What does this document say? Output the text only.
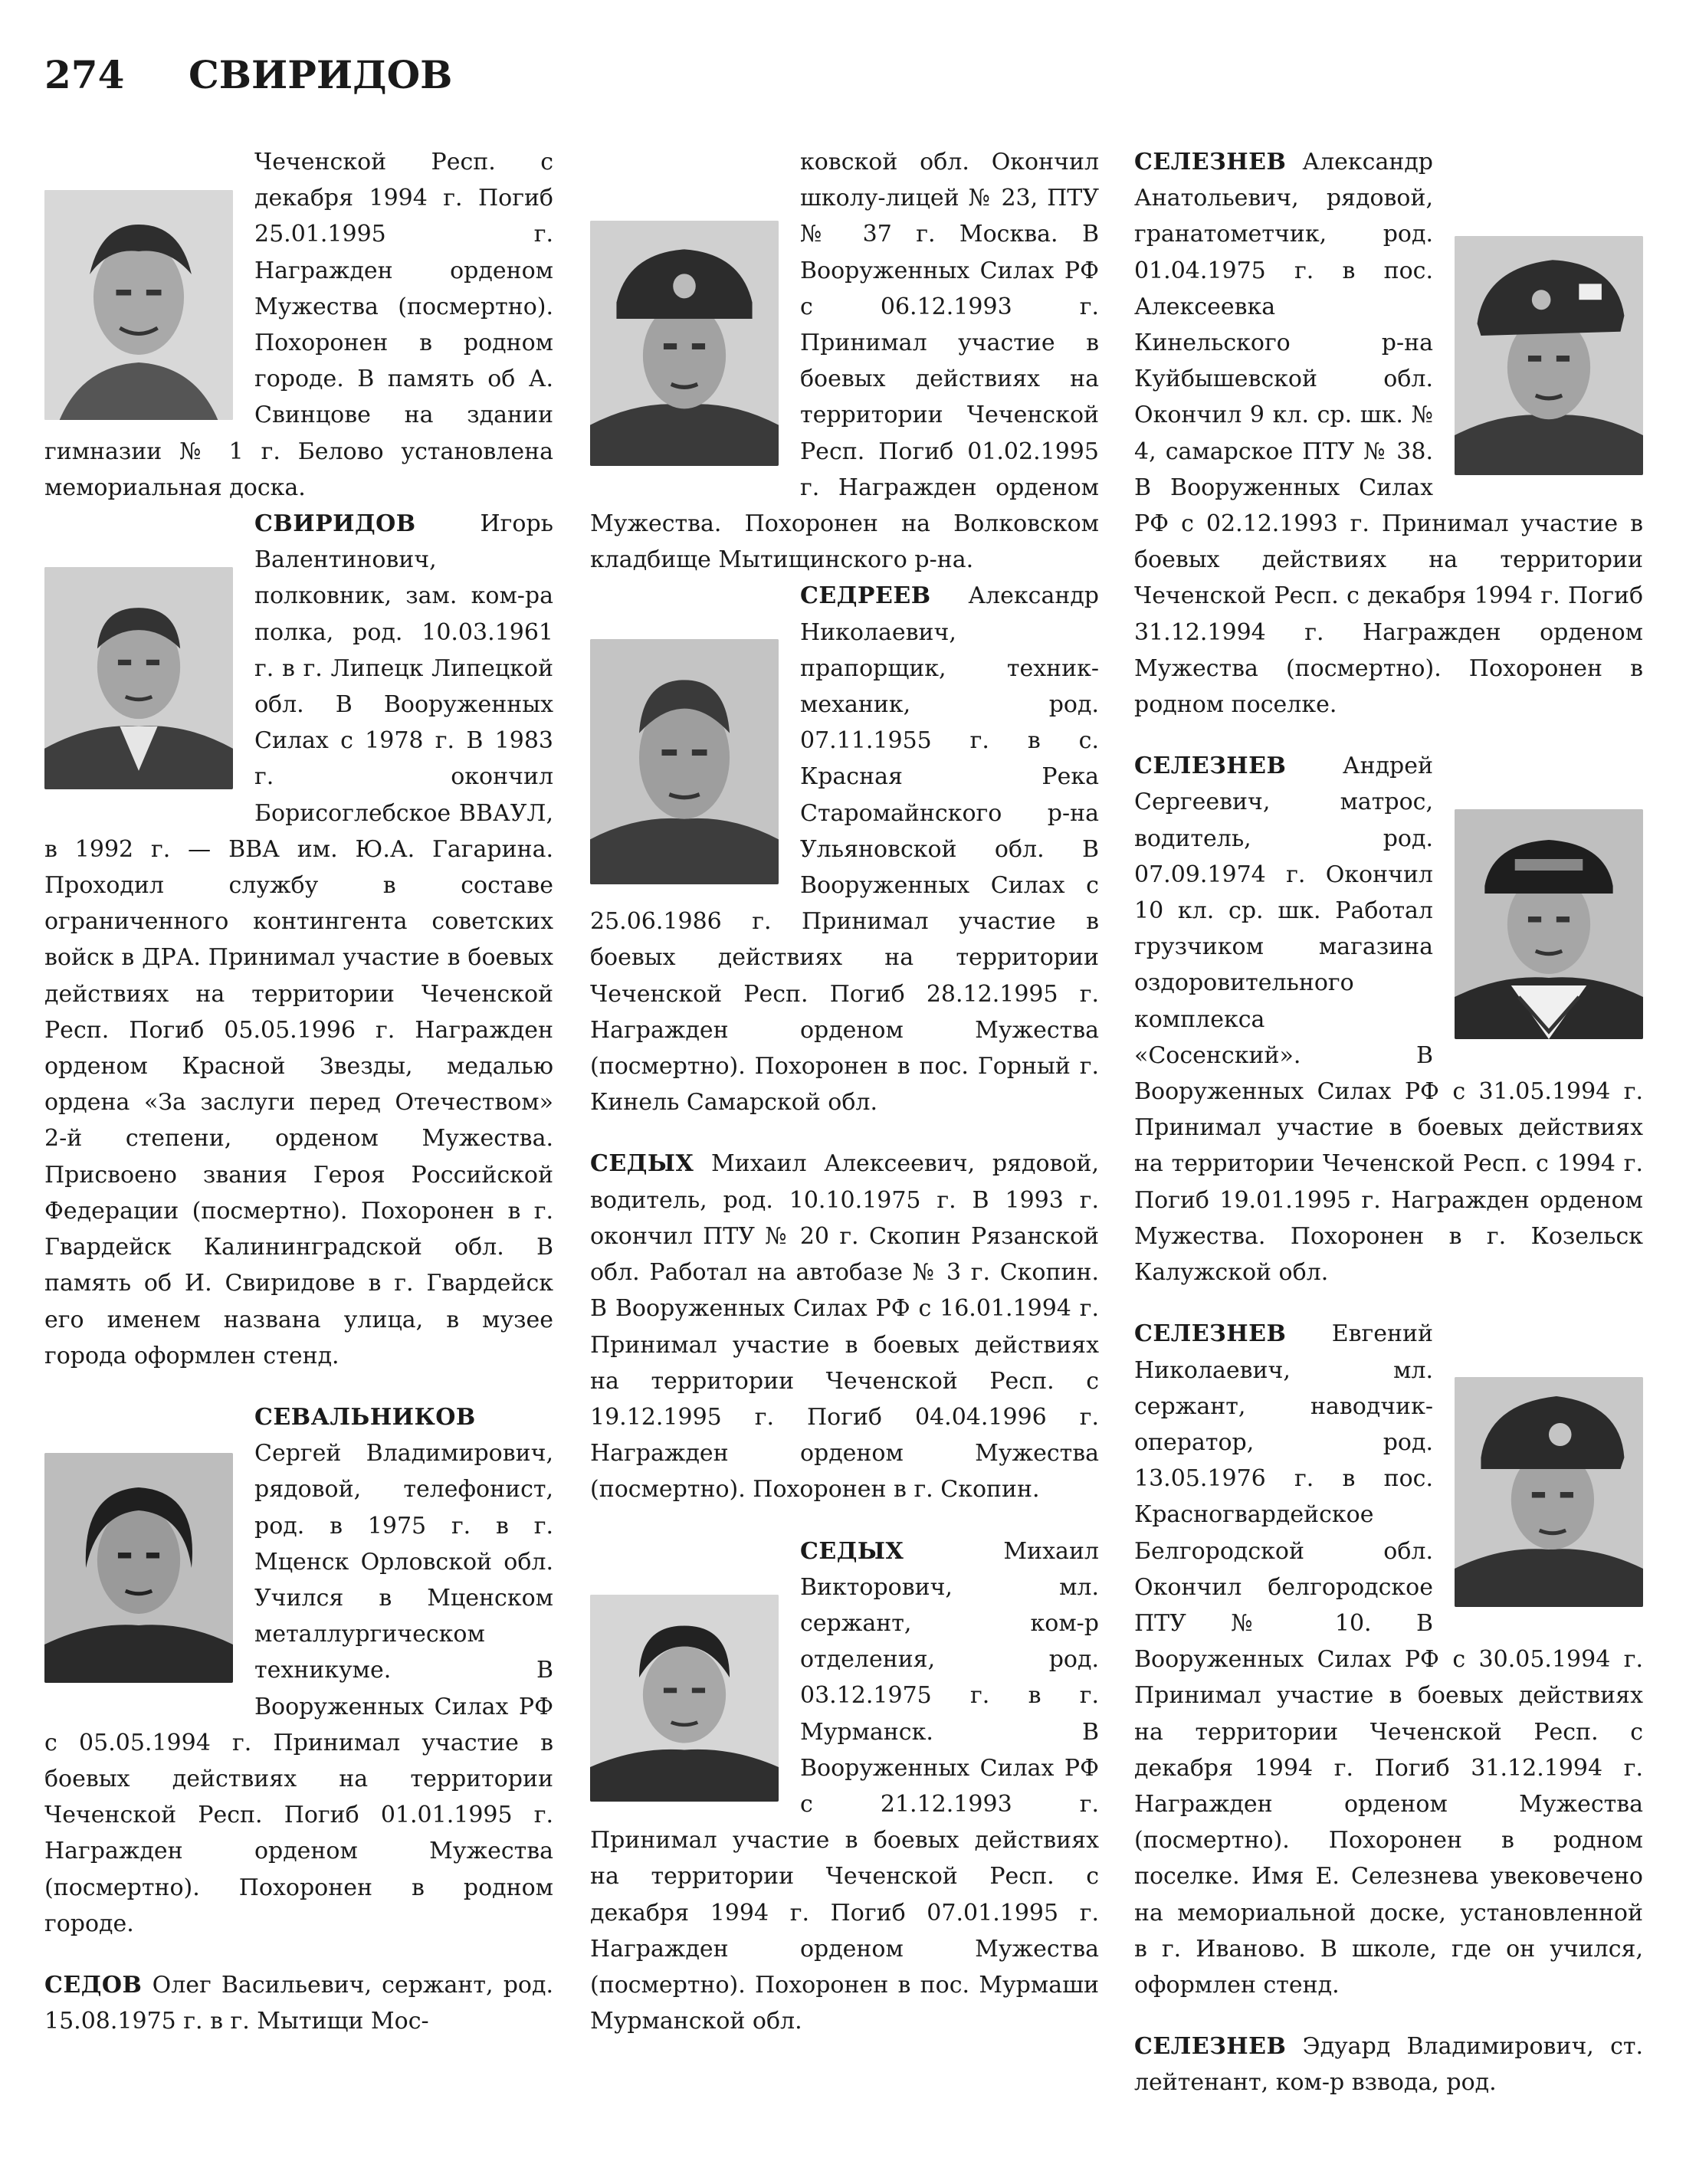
274 СВИРИДОВ

Чеченской Респ. с декабря 1994 г. Погиб 25.01.1995 г. Награжден орденом Мужества (посмертно). Похоронен в родном городе. В память об А. Свинцове на здании гимназии № 1 г. Белово установлена мемориальная доска.

СВИРИДОВ	Игорь Валентинович, полковник, зам. ком-ра полка, род. 10.03.1961 г. в г. Липецк Липецкой обл. В Вооруженных Силах с 1978 г. В 1983 г. окончил Борисоглебское ВВАУЛ, в 1992 г. — ВВА им. Ю.А. Гагарина. Проходил службу в составе ограниченного контингента советских войск в ДРА. Принимал участие в боевых действиях на территории Чеченской Респ. Погиб 05.05.1996 г. Награжден орденом Красной Звезды, медалью ордена «За заслуги перед Отечеством» 2-й степени, орденом Мужества. Присвоено звания Героя Российской Федерации (посмертно). Похоронен в г. Гвардейск Калининградской обл. В память об И. Свиридове в г. Гвардейск его именем названа улица, в музее города оформлен стенд.

СЕВАЛЬНИКОВ Сергей Владимирович, рядовой, телефонист, род. в 1975 г. в г. Мценск Орловской обл. Учился в Мценском металлургическом техникуме. В Вооруженных Силах РФ с 05.05.1994 г. Принимал участие в боевых действиях на территории Чеченской Респ. Погиб 01.01.1995 г. Награжден орденом Мужества (посмертно). Похоронен в родном городе.

СЕДОВ Олег Васильевич, сержант, род. 15.08.1975 г. в г. Мытищи Мос-

ковской обл. Окончил школу-лицей № 23, ПТУ № 37 г. Москва. В Вооруженных Силах РФ с 06.12.1993 г. Принимал участие в боевых действиях на территории Чеченской Респ. Погиб 01.02.1995 г. Награжден орденом Мужества. Похоронен на Волковском кладбище Мытищинского р-на.

СЕДРЕЕВ Александр Николаевич, прапорщик, техник-механик, род. 07.11.1955 г. в с. Красная Река Старомайнского р-на Ульяновской обл. В Вооруженных Силах с 25.06.1986 г. Принимал участие в боевых действиях на территории Чеченской Респ. Погиб 28.12.1995 г. Награжден орденом Мужества (посмертно). Похоронен в пос. Горный г. Кинель Самарской обл.

СЕДЫХ Михаил Алексеевич, рядовой, водитель, род. 10.10.1975 г. В 1993 г. окончил ПТУ № 20 г. Скопин Рязанской обл. Работал на автобазе № 3 г. Скопин. В Вооруженных Силах РФ с 16.01.1994 г. Принимал участие в боевых действиях на территории Чеченской Респ. с 19.12.1995 г. Погиб 04.04.1996 г. Награжден орденом Мужества (посмертно). Похоронен в г. Скопин.

СЕДЫХ	Михаил Викторович, мл. сержант, ком-р отделения, род. 03.12.1975 г. в г. Мурманск. В Вооруженных Силах РФ с 21.12.1993 г. Принимал участие в боевых действиях на территории Чеченской Респ. с декабря 1994 г. Погиб 07.01.1995 г. Награжден орденом Мужества (посмертно). Похоронен в пос. Мурмаши Мурманской обл.

СЕЛЕЗНЕВ Александр Анатольевич, рядовой, гранатометчик, род. 01.04.1975 г. в пос. Алексеевка Кинельского р-на Куйбышевской обл. Окончил 9 кл. ср. шк. № 4, самарское ПТУ № 38. В Вооруженных Силах РФ с 02.12.1993 г. Принимал участие в боевых действиях на территории Чеченской Респ. с декабря 1994 г. Погиб 31.12.1994 г. Награжден орденом Мужества (посмертно). Похоронен в родном поселке.

СЕЛЕЗНЕВ Андрей Сергеевич, матрос, водитель, род. 07.09.1974 г. Окончил 10 кл. ср. шк. Работал грузчиком магазина оздоровительного комплекса «Сосенский». В Вооруженных Силах РФ с 31.05.1994 г. Принимал участие в боевых действиях на территории Чеченской Респ. с 1994 г. Погиб 19.01.1995 г. Награжден орденом Мужества. Похоронен в г. Козельск Калужской обл.

СЕЛЕЗНЕВ Евгений Николаевич, мл. сержант, наводчик-оператор, род. 13.05.1976 г. в пос. Красногвардейское Белгородской обл. Окончил белгородское ПТУ № 10. В Вооруженных Силах РФ с 30.05.1994 г. Принимал участие в боевых действиях на территории Чеченской Респ. с декабря 1994 г. Погиб 31.12.1994 г. Награжден орденом Мужества (посмертно). Похоронен в родном поселке. Имя Е. Селезнева увековечено на мемориальной доске, установленной в г. Иваново. В школе, где он учился, оформлен стенд.

СЕЛЕЗНЕВ Эдуард Владимирович, ст. лейтенант, ком-р взвода, род.
